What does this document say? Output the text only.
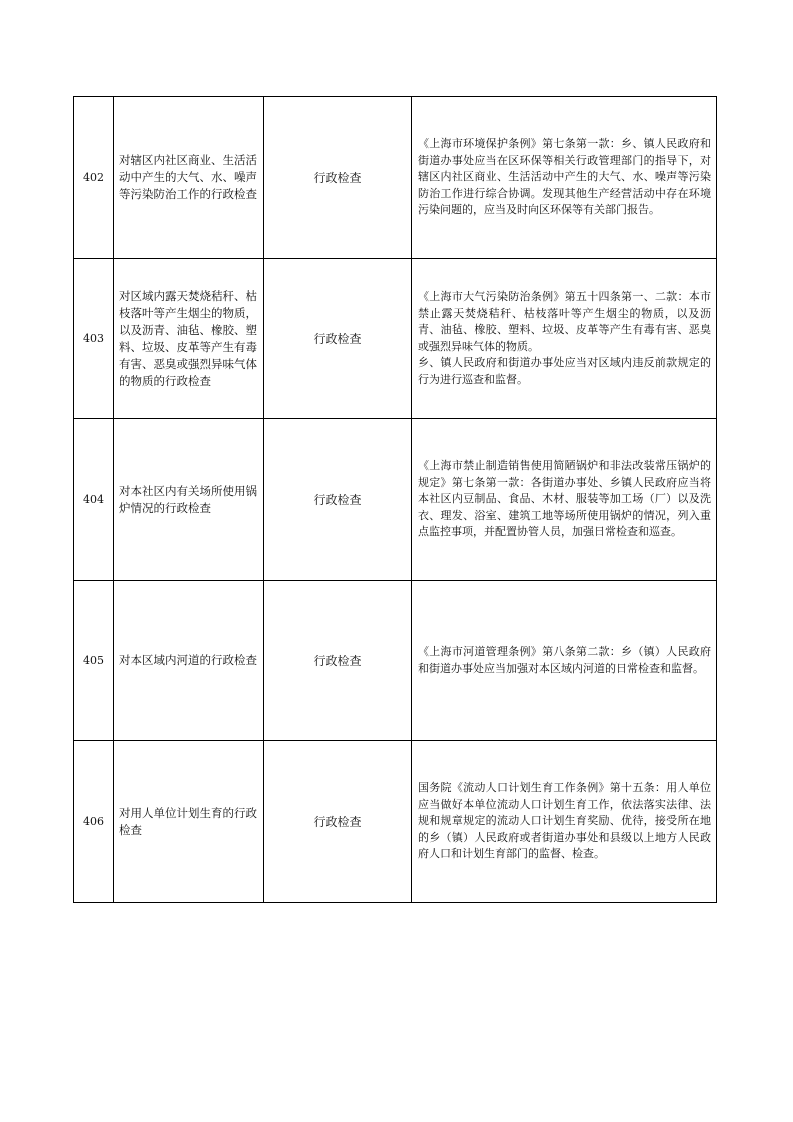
402	对辖区内社区商业、生活活动中产生的大气、水、噪声等污染防治工作的行政检查	行政检查	《上海市环境保护条例》第七条第一款：乡、镇人民政府和街道办事处应当在区环保等相关行政管理部门的指导下，对辖区内社区商业、生活活动中产生的大气、水、噪声等污染防治工作进行综合协调。发现其他生产经营活动中存在环境污染问题的，应当及时向区环保等有关部门报告。

403	对区域内露天焚烧秸秆、枯枝落叶等产生烟尘的物质，以及沥青、油毡、橡胶、塑料、垃圾、皮革等产生有毒有害、恶臭或强烈异味气体的物质的行政检查	行政检查	《上海市大气污染防治条例》第五十四条第一、二款：本市禁止露天焚烧秸秆、枯枝落叶等产生烟尘的物质，以及沥青、油毡、橡胶、塑料、垃圾、皮革等产生有毒有害、恶臭或强烈异味气体的物质。
乡、镇人民政府和街道办事处应当对区域内违反前款规定的行为进行巡查和监督。

404	对本社区内有关场所使用锅炉情况的行政检查	行政检查	《上海市禁止制造销售使用简陋锅炉和非法改装常压锅炉的规定》第七条第一款：各街道办事处、乡镇人民政府应当将本社区内豆制品、食品、木材、服装等加工场（厂）以及洗衣、理发、浴室、建筑工地等场所使用锅炉的情况，列入重点监控事项，并配置协管人员，加强日常检查和巡查。

405	对本区域内河道的行政检查	行政检查	《上海市河道管理条例》第八条第二款：乡（镇）人民政府和街道办事处应当加强对本区域内河道的日常检查和监督。

406	对用人单位计划生育的行政检查	行政检查	国务院《流动人口计划生育工作条例》第十五条：用人单位应当做好本单位流动人口计划生育工作，依法落实法律、法规和规章规定的流动人口计划生育奖励、优待，接受所在地的乡（镇）人民政府或者街道办事处和县级以上地方人民政府人口和计划生育部门的监督、检查。
